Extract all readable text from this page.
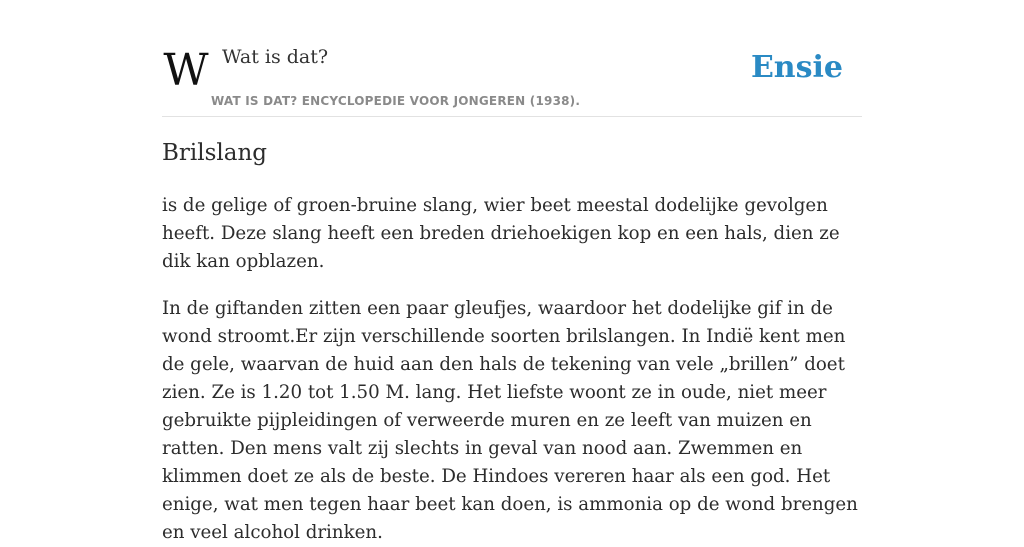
W Wat is dat?
WAT IS DAT? ENCYCLOPEDIE VOOR JONGEREN (1938).
Ensie
Brilslang

is de gelige of groen-bruine slang, wier beet meestal dodelijke gevolgen heeft. Deze slang heeft een breden driehoekigen kop en een hals, dien ze dik kan opblazen.

In de giftanden zitten een paar gleufjes, waardoor het dodelijke gif in de wond stroomt.Er zijn verschillende soorten brilslangen. In Indië kent men de gele, waarvan de huid aan den hals de tekening van vele „brillen” doet zien. Ze is 1.20 tot 1.50 M. lang. Het liefste woont ze in oude, niet meer gebruikte pijpleidingen of verweerde muren en ze leeft van muizen en ratten. Den mens valt zij slechts in geval van nood aan. Zwemmen en klimmen doet ze als de beste. De Hindoes vereren haar als een god. Het enige, wat men tegen haar beet kan doen, is ammonia op de wond brengen en veel alcohol drinken.
